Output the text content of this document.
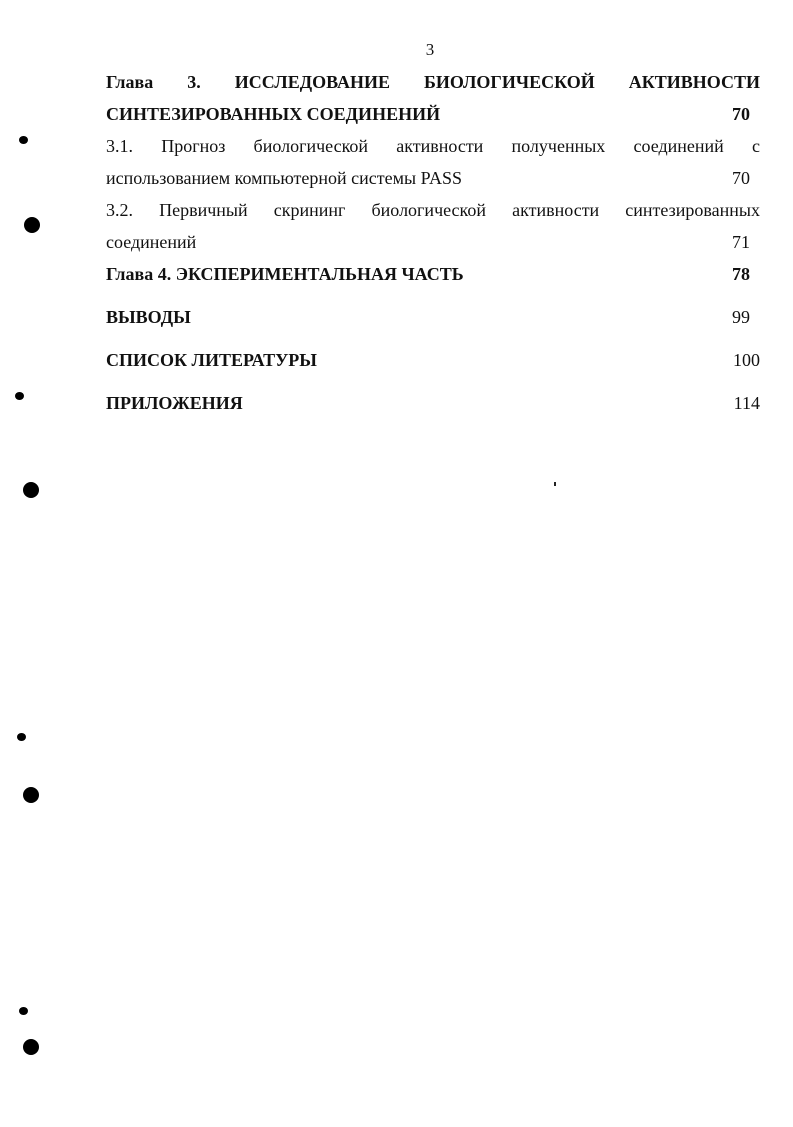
3
Глава 3. ИССЛЕДОВАНИЕ БИОЛОГИЧЕСКОЙ АКТИВНОСТИ
СИНТЕЗИРОВАННЫХ СОЕДИНЕНИЙ	70
3.1. Прогноз биологической активности полученных соединений с
использованием компьютерной системы PASS	70
3.2. Первичный скрининг биологической активности синтезированных
соединений	71
Глава 4. ЭКСПЕРИМЕНТАЛЬНАЯ ЧАСТЬ	78
ВЫВОДЫ	99
СПИСОК ЛИТЕРАТУРЫ	100
ПРИЛОЖЕНИЯ	114
